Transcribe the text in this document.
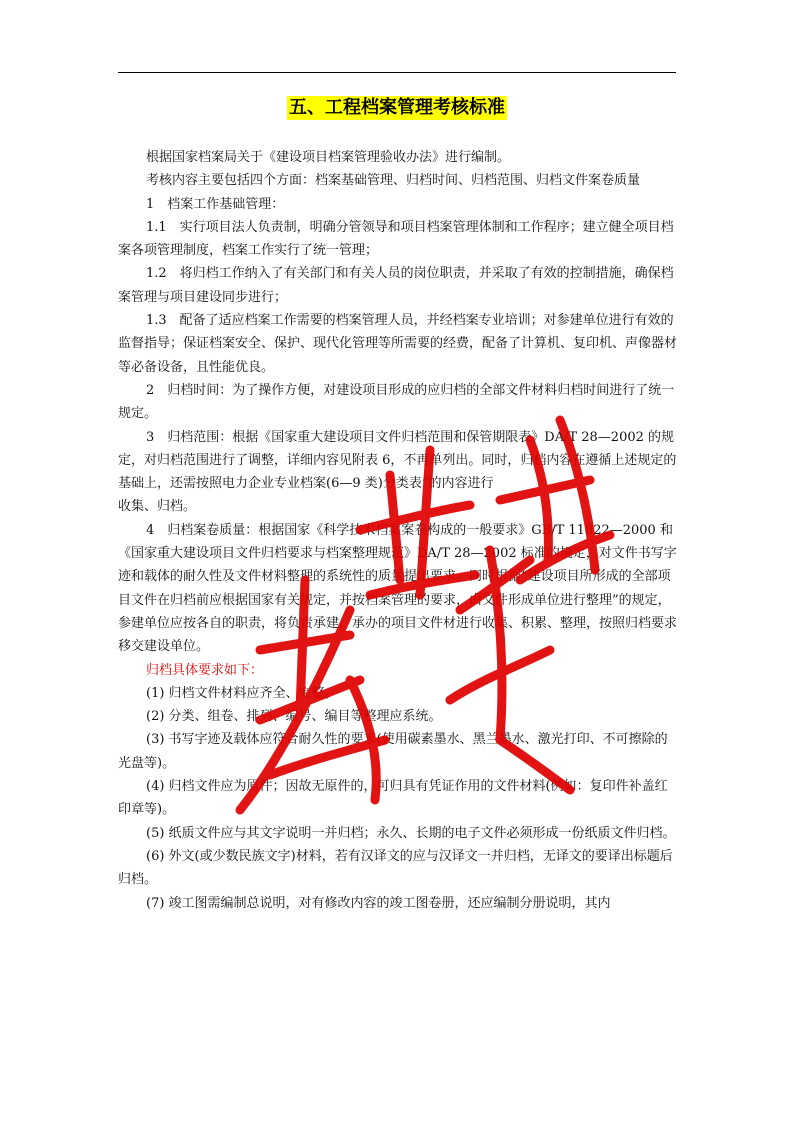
五、工程档案管理考核标准

根据国家档案局关于《建设项目档案管理验收办法》进行编制。

考核内容主要包括四个方面：档案基础管理、归档时间、归档范围、归档文件案卷质量

1　档案工作基础管理：

1.1　实行项目法人负责制，明确分管领导和项目档案管理体制和工作程序；建立健全项目档案各项管理制度，档案工作实行了统一管理；

1.2　将归档工作纳入了有关部门和有关人员的岗位职责，并采取了有效的控制措施，确保档案管理与项目建设同步进行；

1.3　配备了适应档案工作需要的档案管理人员，并经档案专业培训；对参建单位进行有效的监督指导；保证档案安全、保护、现代化管理等所需要的经费，配备了计算机、复印机、声像器材等必备设备，且性能优良。

2　归档时间：为了操作方便，对建设项目形成的应归档的全部文件材料归档时间进行了统一规定。

3　归档范围：根据《国家重大建设项目文件归档范围和保管期限表》DA/T 28—2002 的规定，对归档范围进行了调整，详细内容见附表 6，不再单列出。同时，归档内容在遵循上述规定的基础上，还需按照电力企业专业档案(6—9 类)分类表”的内容进行

收集、归档。

4　归档案卷质量：根据国家《科学技术档案案卷构成的一般要求》GB/T 11822—2000 和《国家重大建设项目文件归档要求与档案整理规范》DA/T 28—2002 标准的规定，对文件书写字迹和载体的耐久性及文件材料整理的系统性的质量提出要求。同时根据“建设项目所形成的全部项目文件在归档前应根据国家有关规定，并按档案管理的要求，由文件形成单位进行整理”的规定，参建单位应按各自的职责，将负责承建、承办的项目文件材进行收集、积累、整理，按照归档要求移交建设单位。

归档具体要求如下：

(1) 归档文件材料应齐全、完整。

(2) 分类、组卷、排列、编号、编目等整理应系统。

(3) 书写字迹及载体应符合耐久性的要求(使用碳素墨水、黑兰墨水、激光打印、不可擦除的光盘等)。

(4) 归档文件应为原件；因故无原件的，可归具有凭证作用的文件材料(例如：复印件补盖红印章等)。

(5) 纸质文件应与其文字说明一并归档；永久、长期的电子文件必须形成一份纸质文件归档。

(6) 外文(或少数民族文字)材料，若有汉译文的应与汉译文一并归档，无译文的要译出标题后归档。

(7) 竣工图需编制总说明，对有修改内容的竣工图卷册，还应编制分册说明，其内
